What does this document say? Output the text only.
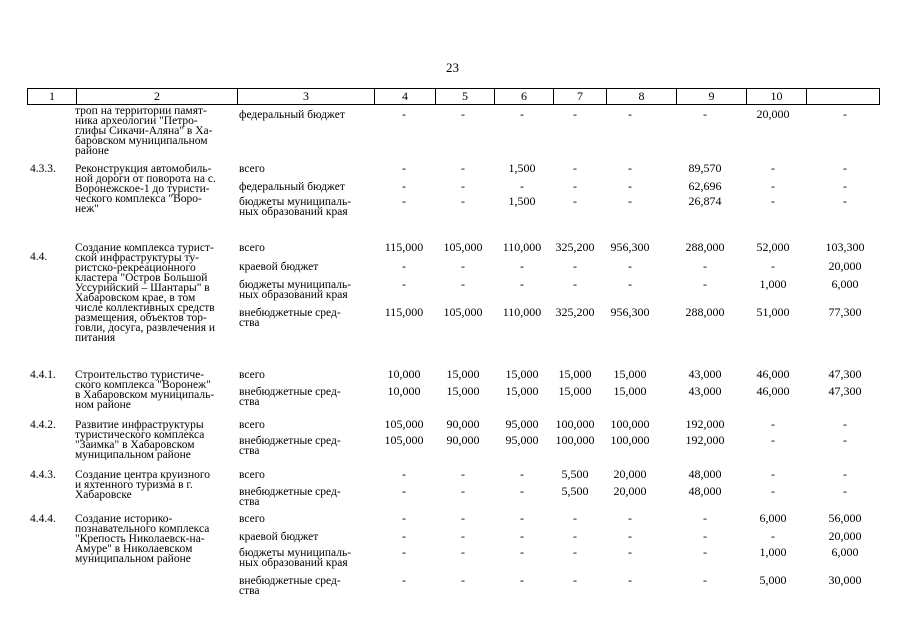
23
1	2	3	4	5	6	7	8	9	10
троп на территории памят-
ника археологии "Петро-
глифы Сикачи-Аляна" в Ха-
баровском муниципальном
районе
федеральный бюджет	-	-	-	-	-	-	20,000	-
4.3.3. Реконструкция автомобиль-
ной дороги от поворота на с.
Воронежское-1 до туристи-
ческого комплекса "Воро-
неж"
всего	-	-	1,500	-	-	89,570	-	-
федеральный бюджет	-	-	-	-	-	62,696	-	-
бюджеты муниципаль-
ных образований края
-	-	1,500	-	-	26,874	-	-
4.4.
Создание комплекса турист-
ской инфраструктуры ту-
ристско-рекреационного
кластера "Остров Большой
Уссурийский – Шантары" в
Хабаровском крае, в том
числе коллективных средств
размещения, объектов тор-
говли, досуга, развлечения и
питания
всего	115,000	105,000	110,000	325,200	956,300	288,000	52,000	103,300
краевой бюджет	-	-	-	-	-	-	-	20,000
бюджеты муниципаль-
ных образований края
-	-	-	-	-	-	1,000	6,000
внебюджетные сред-
ства
115,000	105,000	110,000	325,200	956,300	288,000	51,000	77,300
4.4.1. Строительство туристиче-
ского комплекса "Воронеж"
в Хабаровском муниципаль-
ном районе
всего	10,000	15,000	15,000	15,000	15,000	43,000	46,000	47,300
внебюджетные сред-
ства
10,000	15,000	15,000	15,000	15,000	43,000	46,000	47,300
4.4.2. Развитие инфраструктуры
туристического комплекса
"Заимка" в Хабаровском
муниципальном районе
всего	105,000	90,000	95,000	100,000	100,000	192,000	-	-
внебюджетные сред-
ства
105,000	90,000	95,000	100,000	100,000	192,000	-	-
4.4.3. Создание центра круизного
и яхтенного туризма в г.
Хабаровске
всего	-	-	-	5,500	20,000	48,000	-	-
внебюджетные сред-
ства
-	-	-	5,500	20,000	48,000	-	-
4.4.4. Создание историко-
познавательного комплекса
"Крепость Николаевск-на-
Амуре" в Николаевском
муниципальном районе
всего	-	-	-	-	-	-	6,000	56,000
краевой бюджет	-	-	-	-	-	-	-	20,000
бюджеты муниципаль-
ных образований края
-	-	-	-	-	-	1,000	6,000
внебюджетные сред-
ства
-	-	-	-	-	-	5,000	30,000
